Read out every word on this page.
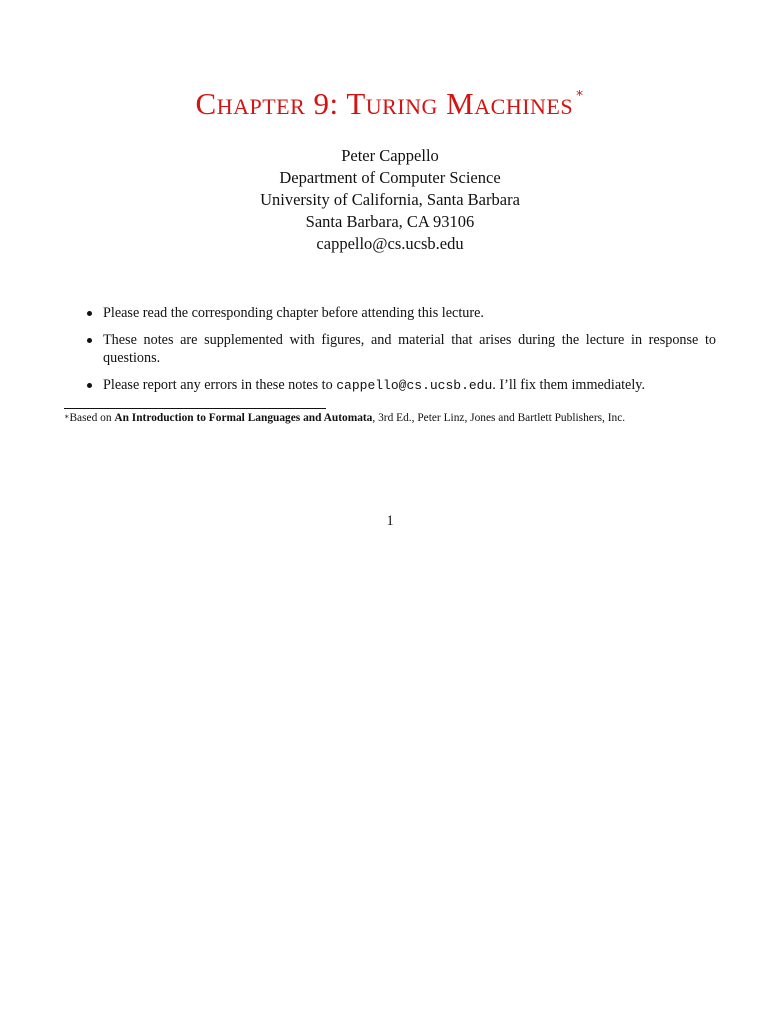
Chapter 9: Turing Machines ∗
Peter Cappello
Department of Computer Science
University of California, Santa Barbara
Santa Barbara, CA 93106
cappello@cs.ucsb.edu
Please read the corresponding chapter before attending this lecture.
These notes are supplemented with figures, and material that arises during the lecture in response to questions.
Please report any errors in these notes to cappello@cs.ucsb.edu. I’ll fix them immediately.
∗Based on An Introduction to Formal Languages and Automata, 3rd Ed., Peter Linz, Jones and Bartlett Publishers, Inc.
1
